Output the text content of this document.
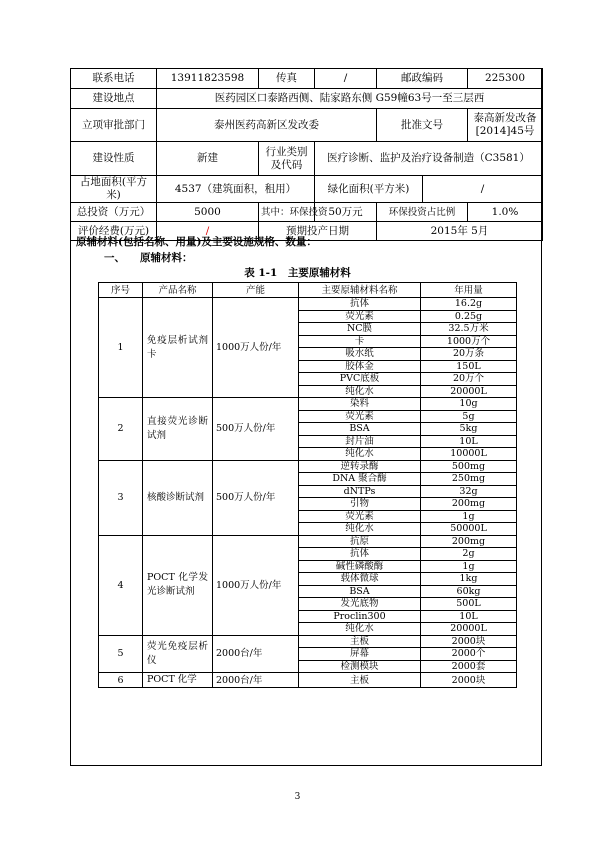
联系电话	13911823598	传真	/	邮政编码		225300
建设地点	医药园区口泰路西侧、陆家路东侧 G59幢63号一至三层西					
立项审批部门	泰州医药高新区发改委			批准文号		泰高新发改备[2014]45号
建设性质	新建	行业类别及代码	医疗诊断、监护及治疗设备制造（C3581）			
占地面积(平方米)	4537（建筑面积，租用）		绿化面积(平方米)		/	
总投资（万元）	5000	其中：环保投资	50万元	环保投资占比例		1.0%
评价经费(万元)	/	预期投产日期		2015年 5月		
原辅材料(包括名称、用量)及主要设施规格、数量：
一、 原辅材料：
表 1-1　主要原辅材料
序号	产品名称	产能	主要原辅材料名称	年用量
1	免疫层析试剂卡	1000万人份/年	抗体	16.2g
			荧光素	0.25g
			NC膜	32.5万米
			卡	1000万个
			吸水纸	20万条
			胶体金	150L
			PVC底板	20万个
			纯化水	20000L
2	直接荧光诊断试剂	500万人份/年	染料	10g
			荧光素	5g
			BSA	5kg
			封片油	10L
			纯化水	10000L
3	核酸诊断试剂	500万人份/年	逆转录酶	500mg
			DNA 聚合酶	250mg
			dNTPs	32g
			引物	200mg
			荧光素	1g
			纯化水	50000L
4	POCT 化学发光诊断试剂	1000万人份/年	抗原	200mg
			抗体	2g
			碱性磷酸酶	1g
			载体微球	1kg
			BSA	60kg
			发光底物	500L
			Proclin300	10L
			纯化水	20000L
5	荧光免疫层析仪	2000台/年	主板	2000块
			屏幕	2000个
			检测模块	2000套
6	POCT 化学	2000台/年	主板	2000块
3
